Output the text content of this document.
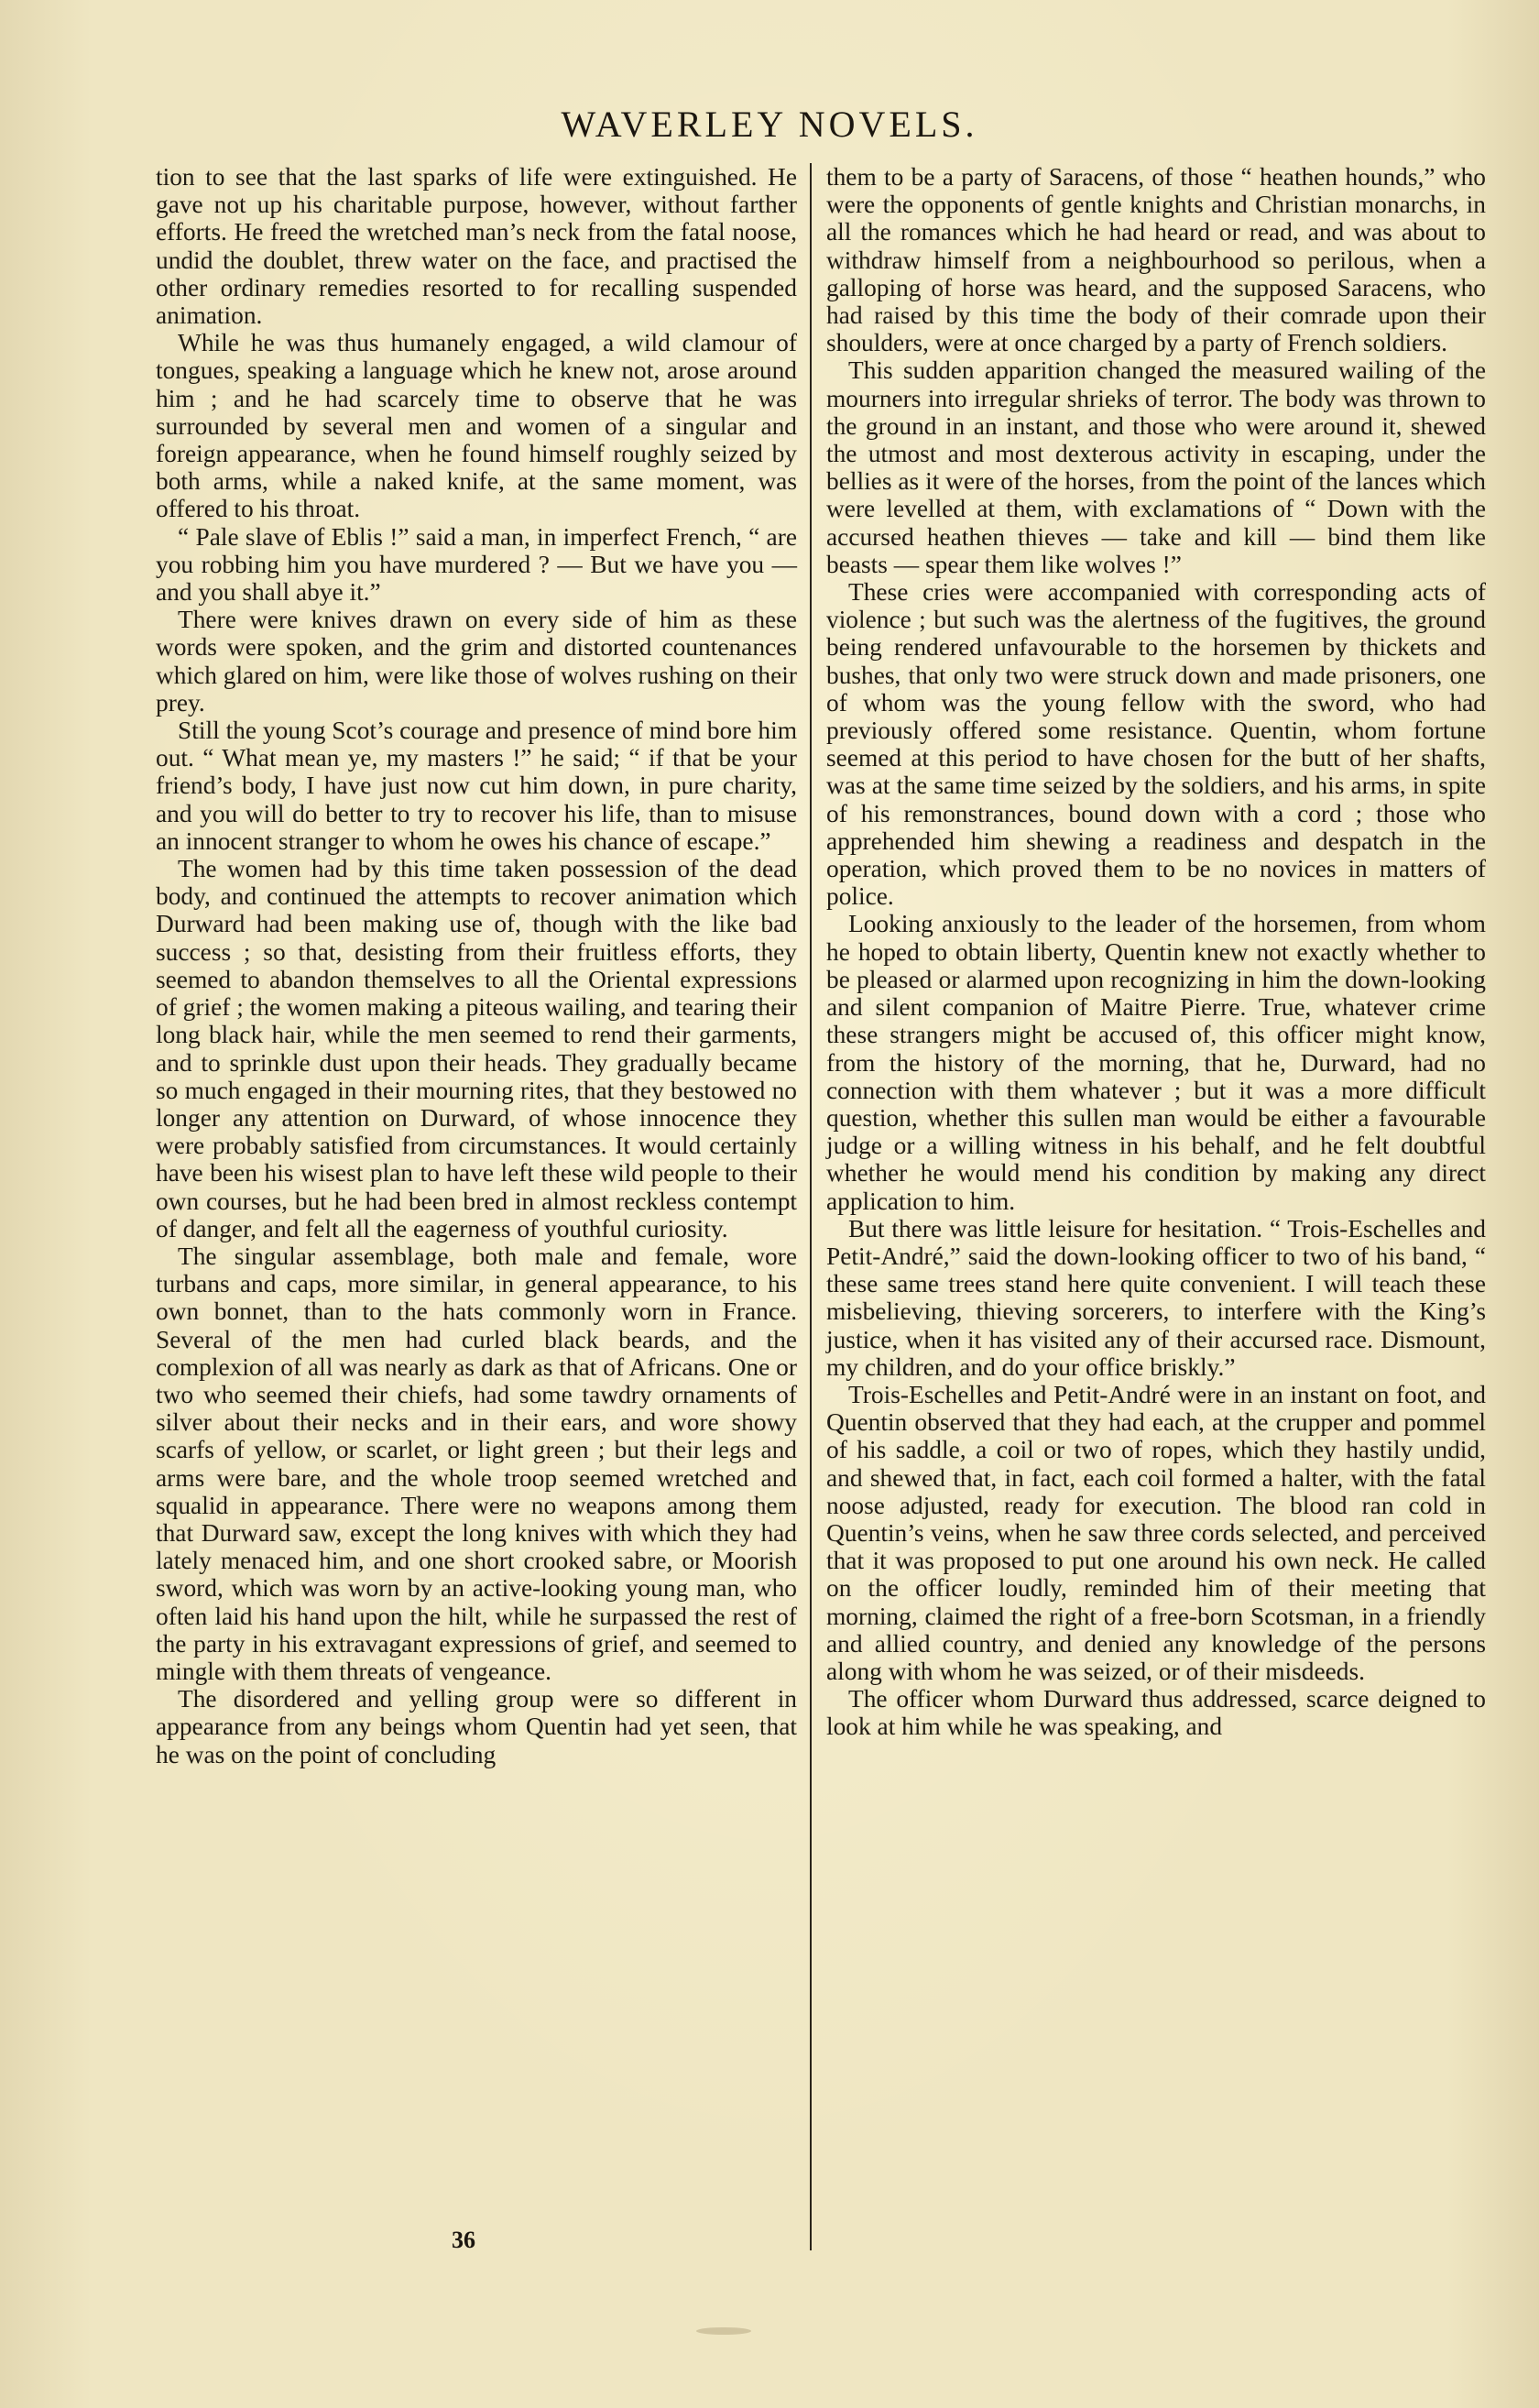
WAVERLEY NOVELS.

tion to see that the last sparks of life were extinguished. He gave not up his charitable purpose, however, without farther efforts. He freed the wretched man’s neck from the fatal noose, undid the doublet, threw water on the face, and practised the other ordinary remedies resorted to for recalling suspended animation.

While he was thus humanely engaged, a wild clamour of tongues, speaking a language which he knew not, arose around him ; and he had scarcely time to observe that he was surrounded by several men and women of a singular and foreign appearance, when he found himself roughly seized by both arms, while a naked knife, at the same moment, was offered to his throat.

“ Pale slave of Eblis !” said a man, in imperfect French, “ are you robbing him you have murdered ? — But we have you — and you shall abye it.”

There were knives drawn on every side of him as these words were spoken, and the grim and distorted countenances which glared on him, were like those of wolves rushing on their prey.

Still the young Scot’s courage and presence of mind bore him out. “ What mean ye, my masters !” he said; “ if that be your friend’s body, I have just now cut him down, in pure charity, and you will do better to try to recover his life, than to misuse an innocent stranger to whom he owes his chance of escape.”

The women had by this time taken possession of the dead body, and continued the attempts to recover animation which Durward had been making use of, though with the like bad success ; so that, desisting from their fruitless efforts, they seemed to abandon themselves to all the Oriental expressions of grief ; the women making a piteous wailing, and tearing their long black hair, while the men seemed to rend their garments, and to sprinkle dust upon their heads. They gradually became so much engaged in their mourning rites, that they bestowed no longer any attention on Durward, of whose innocence they were probably satisfied from circumstances. It would certainly have been his wisest plan to have left these wild people to their own courses, but he had been bred in almost reckless contempt of danger, and felt all the eagerness of youthful curiosity.

The singular assemblage, both male and female, wore turbans and caps, more similar, in general appearance, to his own bonnet, than to the hats commonly worn in France. Several of the men had curled black beards, and the complexion of all was nearly as dark as that of Africans. One or two who seemed their chiefs, had some tawdry ornaments of silver about their necks and in their ears, and wore showy scarfs of yellow, or scarlet, or light green ; but their legs and arms were bare, and the whole troop seemed wretched and squalid in appearance. There were no weapons among them that Durward saw, except the long knives with which they had lately menaced him, and one short crooked sabre, or Moorish sword, which was worn by an active-looking young man, who often laid his hand upon the hilt, while he surpassed the rest of the party in his extravagant expressions of grief, and seemed to mingle with them threats of vengeance.

The disordered and yelling group were so different in appearance from any beings whom Quentin had yet seen, that he was on the point of concluding

them to be a party of Saracens, of those “ heathen hounds,” who were the opponents of gentle knights and Christian monarchs, in all the romances which he had heard or read, and was about to withdraw himself from a neighbourhood so perilous, when a galloping of horse was heard, and the supposed Saracens, who had raised by this time the body of their comrade upon their shoulders, were at once charged by a party of French soldiers.

This sudden apparition changed the measured wailing of the mourners into irregular shrieks of terror. The body was thrown to the ground in an instant, and those who were around it, shewed the utmost and most dexterous activity in escaping, under the bellies as it were of the horses, from the point of the lances which were levelled at them, with exclamations of “ Down with the accursed heathen thieves — take and kill — bind them like beasts — spear them like wolves !”

These cries were accompanied with corresponding acts of violence ; but such was the alertness of the fugitives, the ground being rendered unfavourable to the horsemen by thickets and bushes, that only two were struck down and made prisoners, one of whom was the young fellow with the sword, who had previously offered some resistance. Quentin, whom fortune seemed at this period to have chosen for the butt of her shafts, was at the same time seized by the soldiers, and his arms, in spite of his remonstrances, bound down with a cord ; those who apprehended him shewing a readiness and despatch in the operation, which proved them to be no novices in matters of police.

Looking anxiously to the leader of the horsemen, from whom he hoped to obtain liberty, Quentin knew not exactly whether to be pleased or alarmed upon recognizing in him the down-looking and silent companion of Maitre Pierre. True, whatever crime these strangers might be accused of, this officer might know, from the history of the morning, that he, Durward, had no connection with them whatever ; but it was a more difficult question, whether this sullen man would be either a favourable judge or a willing witness in his behalf, and he felt doubtful whether he would mend his condition by making any direct application to him.

But there was little leisure for hesitation. “ Trois-Eschelles and Petit-André,” said the down-looking officer to two of his band, “ these same trees stand here quite convenient. I will teach these misbelieving, thieving sorcerers, to interfere with the King’s justice, when it has visited any of their accursed race. Dismount, my children, and do your office briskly.”

Trois-Eschelles and Petit-André were in an instant on foot, and Quentin observed that they had each, at the crupper and pommel of his saddle, a coil or two of ropes, which they hastily undid, and shewed that, in fact, each coil formed a halter, with the fatal noose adjusted, ready for execution. The blood ran cold in Quentin’s veins, when he saw three cords selected, and perceived that it was proposed to put one around his own neck. He called on the officer loudly, reminded him of their meeting that morning, claimed the right of a free-born Scotsman, in a friendly and allied country, and denied any knowledge of the persons along with whom he was seized, or of their misdeeds.

The officer whom Durward thus addressed, scarce deigned to look at him while he was speaking, and

36
